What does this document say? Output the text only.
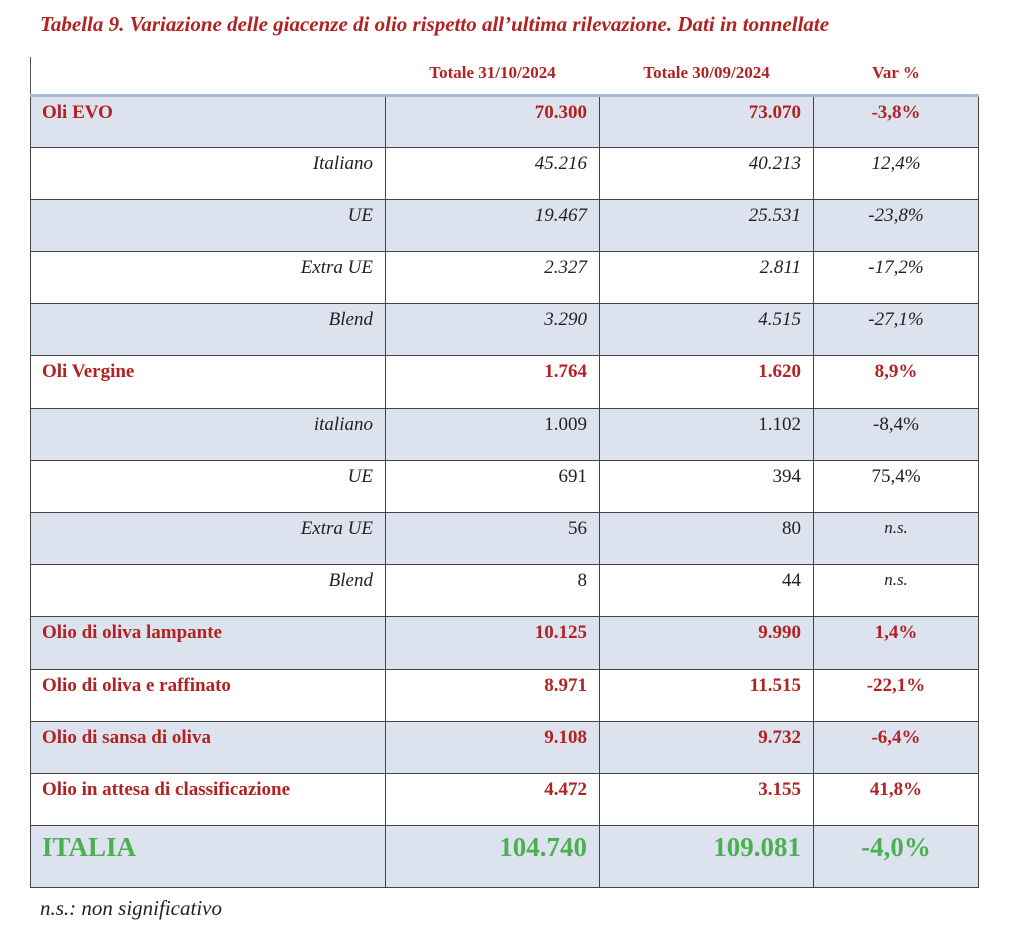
Tabella 9. Variazione delle giacenze di olio rispetto all’ultima rilevazione. Dati in tonnellate
	Totale 31/10/2024	Totale 30/09/2024	Var %
Oli EVO	70.300	73.070	-3,8%
Italiano	45.216	40.213	12,4%
UE	19.467	25.531	-23,8%
Extra UE	2.327	2.811	-17,2%
Blend	3.290	4.515	-27,1%
Oli Vergine	1.764	1.620	8,9%
italiano	1.009	1.102	-8,4%
UE	691	394	75,4%
Extra UE	56	80	n.s.
Blend	8	44	n.s.
Olio di oliva lampante	10.125	9.990	1,4%
Olio di oliva e raffinato	8.971	11.515	-22,1%
Olio di sansa di oliva	9.108	9.732	-6,4%
Olio in attesa di classificazione	4.472	3.155	41,8%
ITALIA	104.740	109.081	-4,0%
n.s.: non significativo
